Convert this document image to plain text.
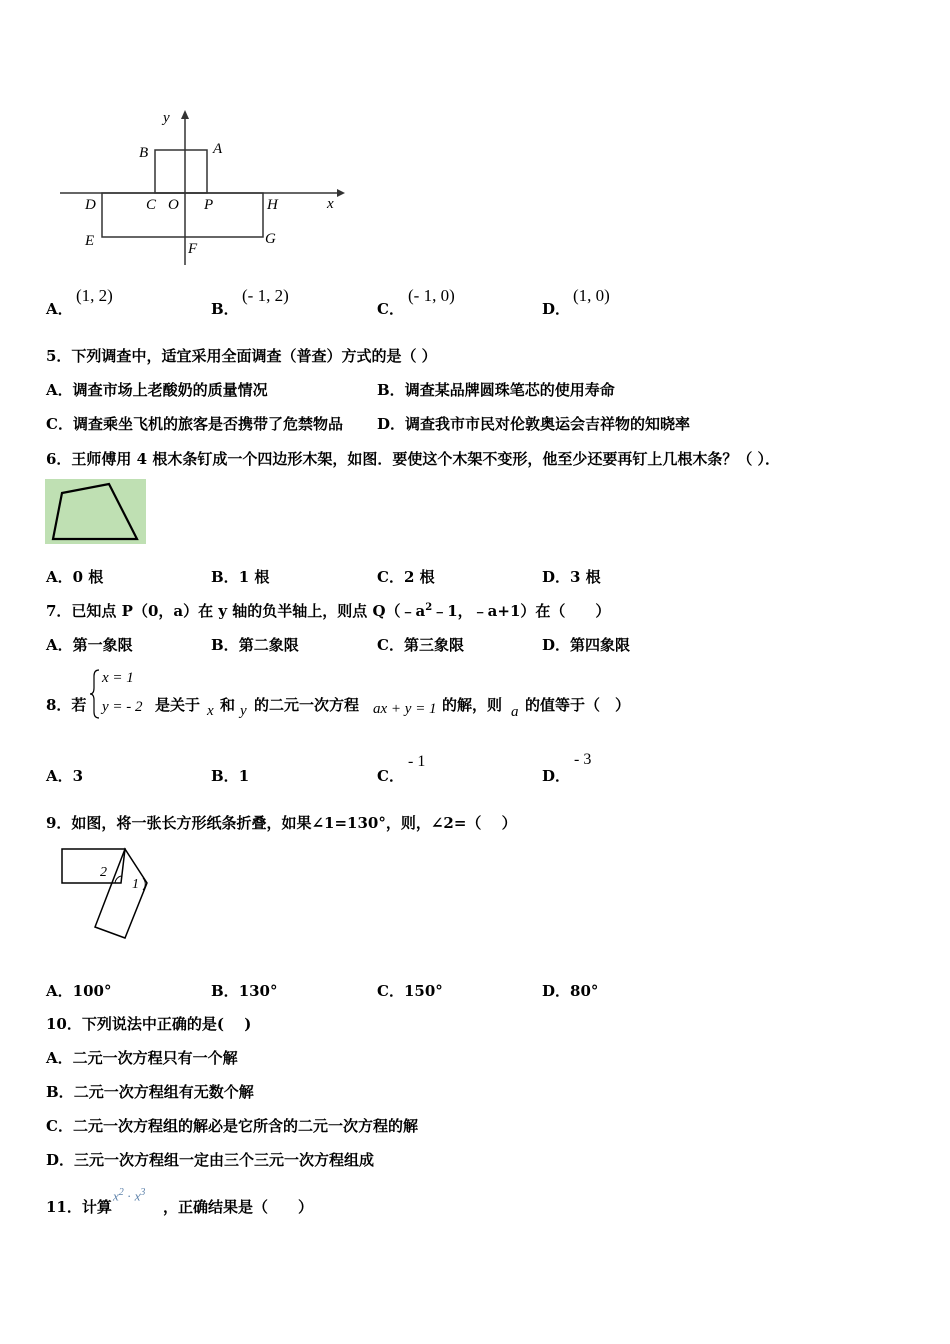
y
x
A
B
C O P
D	H
E	F
G
A．
(1, 2)
B．
(- 1, 2)
C．
(- 1, 0)
D．
(1, 0)
5．下列调查中，适宜采用全面调查（普查）方式的是（ ）
A．调查市场上老酸奶的质量情况	B．调查某品牌圆珠笔芯的使用寿命
C．调查乘坐飞机的旅客是否携带了危禁物品 D．调查我市市民对伦敦奥运会吉祥物的知晓率
6．王师傅用 4 根木条钉成一个四边形木架，如图．要使这个木架不变形，他至少还要再钉上几根木条？（ ）．
A．0 根	B．1 根	C．2 根	D．3 根
7．已知点 P（0，a）在 y 轴的负半轴上，则点 $Q(﹣a^2﹣1$，﹣a+1）在（　　）
A．第一象限	B．第二象限	C．第三象限	D．第四象限
8．若
x = 1
y = - 2 是关于 x 和 y 的二元一次方程 ax + y = 1 的解，则 a 的值等于（　）
A．3	B．1	C．
- 1
D．
- 3
9．如图，将一张长方形纸条折叠，如果∠1=130°，则，∠2=（　 ）
2
1
A．100°	B．130°	C．150°	D．80°
10．下列说法中正确的是(　 )
A．二元一次方程只有一个解
B．二元一次方程组有无数个解
C．二元一次方程组的解必是它所含的二元一次方程的解
D．三元一次方程组一定由三个三元一次方程组成
11．计算
$x^2 \cdot x^3$
，正确结果是（　　）
